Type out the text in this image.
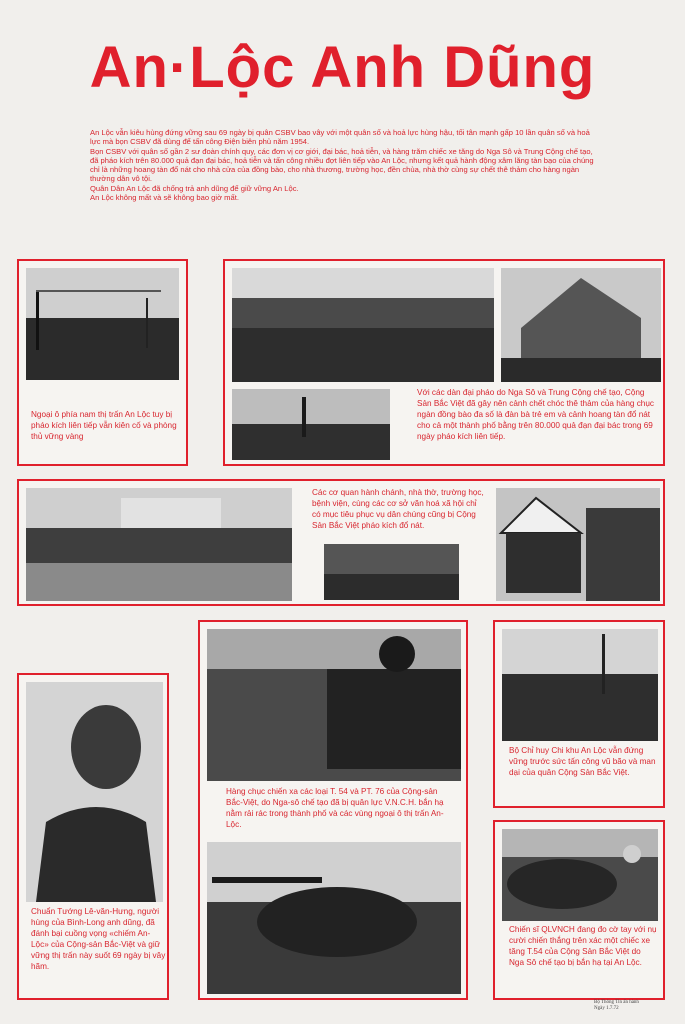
An·Lộc Anh Dũng

An Lộc vẫn kiêu hùng đứng vững sau 69 ngày bị quân CSBV bao vây với một quân số và hoả lực hùng hậu, tối tân mạnh gấp 10 lần quân số và hoả lực mà bọn CSBV đã dùng để tấn công Điện biên phủ năm 1954.

Bọn CSBV với quân số gần 2 sư đoàn chính quy, các đơn vị cơ giới, đại bác, hoả tiễn, và hàng trăm chiếc xe tăng do Nga Sô và Trung Cộng chế tạo, đã pháo kích trên 80.000 quả đạn đại bác, hoả tiễn và tấn công nhiều đợt liên tiếp vào An Lộc, nhưng kết quả hành động xâm lăng tàn bạo của chúng chỉ là những hoang tàn đổ nát cho nhà cửa của đồng bào, cho nhà thương, trường học, đền chùa, nhà thờ cùng sự chết thê thảm cho hàng ngàn thường dân vô tội.

Quân Dân An Lộc đã chống trả anh dũng để giữ vững An Lộc.

An Lộc không mất và sẽ không bao giờ mất.

Ngoại ô phía nam thị trấn An Lộc tuy bị pháo kích liên tiếp vẫn kiên cố và phòng thủ vững vàng
Với các dàn đại pháo do Nga Sô và Trung Cộng chế tạo, Cộng Sản Bắc Việt đã gây nên cảnh chết chóc thê thảm của hàng chục ngàn đồng bào đa số là đàn bà trẻ em và cảnh hoang tàn đổ nát cho cả một thành phố bằng trên 80.000 quả đạn đại bác trong 69 ngày pháo kích liên tiếp.
Các cơ quan hành chánh, nhà thờ, trường học, bệnh viện, cùng các cơ sở văn hoá xã hội chỉ có mục tiêu phục vụ dân chúng cũng bị Cộng Sản Bắc Việt pháo kích đổ nát.
Chuẩn Tướng Lê-văn-Hưng, người hùng của Bình-Long anh dũng, đã đánh bại cuồng vọng «chiếm An-Lộc» của Cộng-sản Bắc-Việt và giữ vững thị trấn này suốt 69 ngày bị vây hãm.
Hàng chục chiến xa các loại T. 54 và PT. 76 của Cộng-sản Bắc-Việt, do Nga-sô chế tạo đã bị quân lực V.N.C.H. bắn hạ nằm rải rác trong thành phố và các vùng ngoại ô thị trấn An-Lộc.
Bộ Chỉ huy Chi khu An Lộc vẫn đứng vững trước sức tấn công vũ bão và man dại của quân Cộng Sản Bắc Việt.
Chiến sĩ QLVNCH đang đo cờ tay với nụ cười chiến thắng trên xác một chiếc xe tăng T.54 của Cộng Sản Bắc Việt do Nga Sô chế tạo bị bắn hạ tại An Lộc.
Bộ Thông Tin ấn hành
Ngày 1.7.72
